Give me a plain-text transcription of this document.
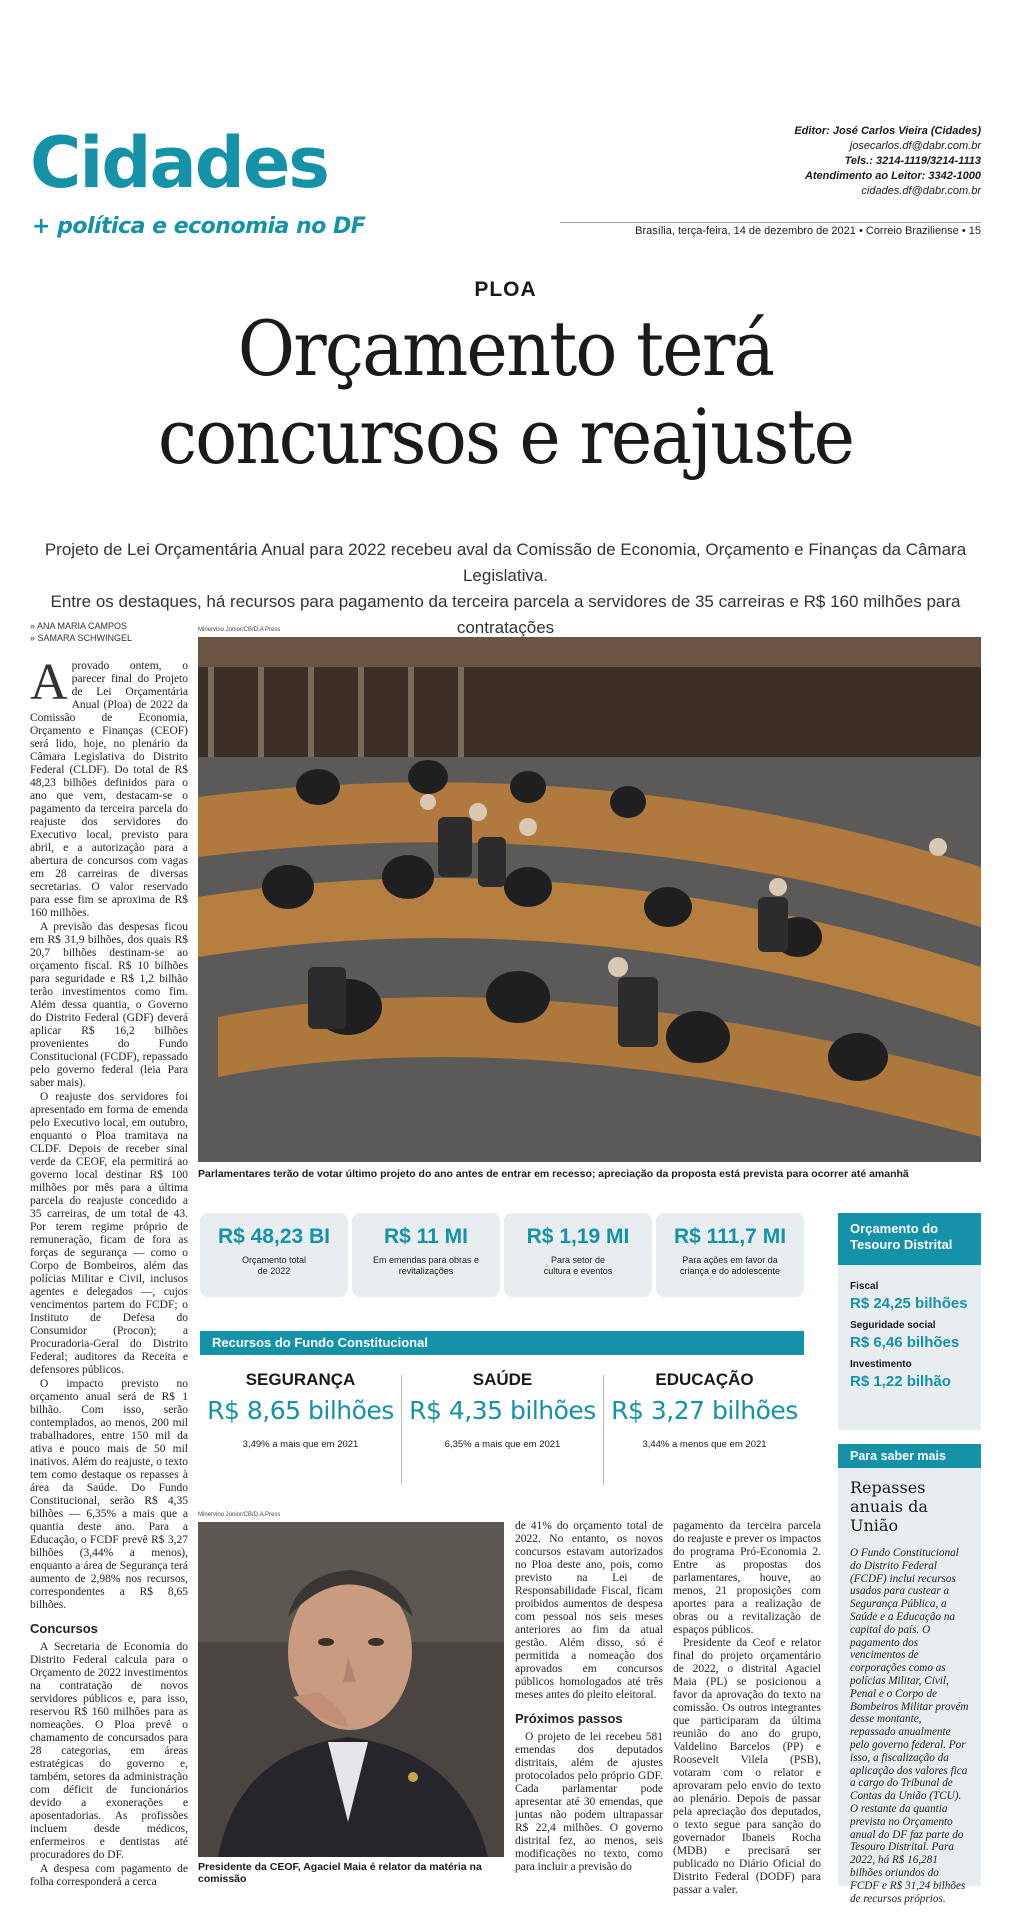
Cidades
+ política e economia no DF
Editor: José Carlos Vieira (Cidades)
josecarlos.df@dabr.com.br
Tels.: 3214-1119/3214-1113
Atendimento ao Leitor: 3342-1000
cidades.df@dabr.com.br
Brasília, terça-feira, 14 de dezembro de 2021 • Correio Braziliense • 15
PLOA
Orçamento terá
concursos e reajuste
Projeto de Lei Orçamentária Anual para 2022 recebeu aval da Comissão de Economia, Orçamento e Finanças da Câmara Legislativa.
Entre os destaques, há recursos para pagamento da terceira parcela a servidores de 35 carreiras e R$ 160 milhões para contratações
» ANA MARIA CAMPOS
» SAMARA SCHWINGEL
Aprovado ontem, o parecer final do Projeto de Lei Orçamentária Anual (Ploa) de 2022 da Comissão de Economia, Orçamento e Finanças (CEOF) será lido, hoje, no plenário da Câmara Legislativa do Distrito Federal (CLDF). Do total de R$ 48,23 bilhões definidos para o ano que vem, destacam-se o pagamento da terceira parcela do reajuste dos servidores do Executivo local, previsto para abril, e a autorização para a abertura de concursos com vagas em 28 carreiras de diversas secretarias. O valor reservado para esse fim se aproxima de R$ 160 milhões.
A previsão das despesas ficou em R$ 31,9 bilhões, dos quais R$ 20,7 bilhões destinam-se ao orçamento fiscal. R$ 10 bilhões para seguridade e R$ 1,2 bilhão terão investimentos como fim. Além dessa quantia, o Governo do Distrito Federal (GDF) deverá aplicar R$ 16,2 bilhões provenientes do Fundo Constitucional (FCDF), repassado pelo governo federal (leia Para saber mais).
O reajuste dos servidores foi apresentado em forma de emenda pelo Executivo local, em outubro, enquanto o Ploa tramitava na CLDF. Depois de receber sinal verde da CEOF, ela permitirá ao governo local destinar R$ 100 milhões por mês para a última parcela do reajuste concedido a 35 carreiras, de um total de 43. Por terem regime próprio de remuneração, ficam de fora as forças de segurança — como o Corpo de Bombeiros, além das polícias Militar e Civil, inclusos agentes e delegados —, cujos vencimentos partem do FCDF; o Instituto de Defesa do Consumidor (Procon); a Procuradoria-Geral do Distrito Federal; auditores da Receita e defensores públicos.
O impacto previsto no orçamento anual será de R$ 1 bilhão. Com isso, serão contemplados, ao menos, 200 mil trabalhadores, entre 150 mil da ativa e pouco mais de 50 mil inativos. Além do reajuste, o texto tem como destaque os repasses à área da Saúde. Do Fundo Constitucional, serão R$ 4,35 bilhões — 6,35% a mais que a quantia deste ano. Para a Educação, o FCDF prevê R$ 3,27 bilhões (3,44% a menos), enquanto a área de Segurança terá aumento de 2,98% nos recursos, correspondentes a R$ 8,65 bilhões.
Concursos
A Secretaria de Economia do Distrito Federal calcula para o Orçamento de 2022 investimentos na contratação de novos servidores públicos e, para isso, reservou R$ 160 milhões para as nomeações. O Ploa prevê o chamamento de concursados para 28 categorias, em áreas estratégicas do governo e, também, setores da administração com déficit de funcionários devido a exonerações e aposentadorias. As profissões incluem desde médicos, enfermeiros e dentistas até procuradores do DF.
A despesa com pagamento de folha corresponderá a cerca
Minervino Júnior/CB/D.A Press
Parlamentares terão de votar último projeto do ano antes de entrar em recesso; apreciação da proposta está prevista para ocorrer até amanhã
R$ 48,23 BI
Orçamento total de 2022
R$ 11 MI
Em emendas para obras e revitalizações
R$ 1,19 MI
Para setor de cultura e eventos
R$ 111,7 MI
Para ações em favor da criança e do adolescente
Recursos do Fundo Constitucional
SEGURANÇA
R$ 8,65 bilhões
3,49% a mais que em 2021
SAÚDE
R$ 4,35 bilhões
6,35% a mais que em 2021
EDUCAÇÃO
R$ 3,27 bilhões
3,44% a menos que em 2021
Orçamento do Tesouro Distrital
Fiscal
R$ 24,25 bilhões
Seguridade social
R$ 6,46 bilhões
Investimento
R$ 1,22 bilhão
Para saber mais
Repasses anuais da União
O Fundo Constitucional do Distrito Federal (FCDF) inclui recursos usados para custear a Segurança Pública, a Saúde e a Educação na capital do país. O pagamento dos vencimentos de corporações como as polícias Militar, Civil, Penal e o Corpo de Bombeiros Militar provém desse montante, repassado anualmente pelo governo federal. Por isso, a fiscalização da aplicação dos valores fica a cargo do Tribunal de Contas da União (TCU). O restante da quantia prevista no Orçamento anual do DF faz parte do Tesouro Distrital. Para 2022, há R$ 16,281 bilhões oriundos do FCDF e R$ 31,24 bilhões de recursos próprios.
Minervino Júnior/CB/D.A Press
Presidente da CEOF, Agaciel Maia é relator da matéria na comissão
de 41% do orçamento total de 2022. No entanto, os novos concursos estavam autorizados no Ploa deste ano, pois, como previsto na Lei de Responsabilidade Fiscal, ficam proibidos aumentos de despesa com pessoal nos seis meses anteriores ao fim da atual gestão. Além disso, só é permitida a nomeação dos aprovados em concursos públicos homologados até três meses antes do pleito eleitoral.
Próximos passos
O projeto de lei recebeu 581 emendas dos deputados distritais, além de ajustes protocolados pelo próprio GDF. Cada parlamentar pode apresentar até 30 emendas, que juntas não podem ultrapassar R$ 22,4 milhões. O governo distrital fez, ao menos, seis modificações no texto, como para incluir a previsão do
pagamento da terceira parcela do reajuste e prever os impactos do programa Pró-Economia 2. Entre as propostas dos parlamentares, houve, ao menos, 21 proposições com aportes para a realização de obras ou a revitalização de espaços públicos.
Presidente da Ceof e relator final do projeto orçamentário de 2022, o distrital Agaciel Maia (PL) se posicionou a favor da aprovação do texto na comissão. Os outros integrantes que participaram da última reunião do ano do grupo, Valdelino Barcelos (PP) e Roosevelt Vilela (PSB), votaram com o relator e aprovaram pelo envio do texto ao plenário. Depois de passar pela apreciação dos deputados, o texto segue para sanção do governador Ibaneis Rocha (MDB) e precisará ser publicado no Diário Oficial do Distrito Federal (DODF) para passar a valer.
